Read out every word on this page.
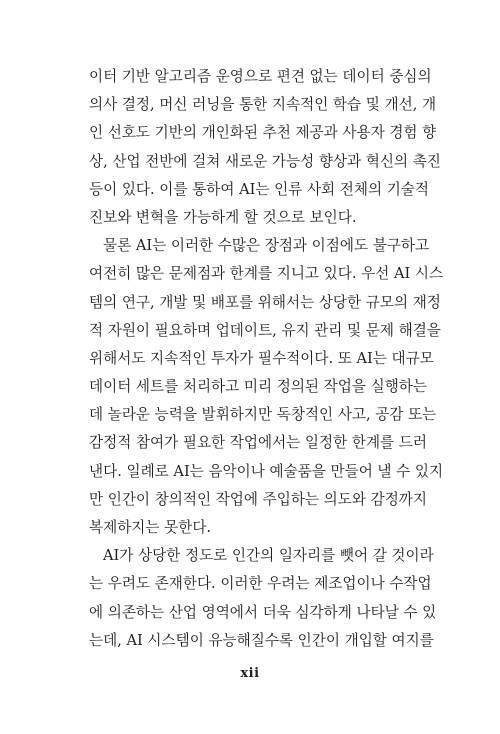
이터 기반 알고리즘 운영으로 편견 없는 데이터 중심의
의사 결정, 머신 러닝을 통한 지속적인 학습 및 개선, 개
인 선호도 기반의 개인화된 추천 제공과 사용자 경험 향
상, 산업 전반에 걸쳐 새로운 가능성 향상과 혁신의 촉진
등이 있다. 이를 통하여 AI는 인류 사회 전체의 기술적
진보와 변혁을 가능하게 할 것으로 보인다.
물론 AI는 이러한 수많은 장점과 이점에도 불구하고
여전히 많은 문제점과 한계를 지니고 있다. 우선 AI 시스
템의 연구, 개발 및 배포를 위해서는 상당한 규모의 재정
적 자원이 필요하며 업데이트, 유지 관리 및 문제 해결을
위해서도 지속적인 투자가 필수적이다. 또 AI는 대규모
데이터 세트를 처리하고 미리 정의된 작업을 실행하는
데 놀라운 능력을 발휘하지만 독창적인 사고, 공감 또는
감정적 참여가 필요한 작업에서는 일정한 한계를 드러
낸다. 일례로 AI는 음악이나 예술품을 만들어 낼 수 있지
만 인간이 창의적인 작업에 주입하는 의도와 감정까지
복제하지는 못한다.
AI가 상당한 정도로 인간의 일자리를 뺏어 갈 것이라
는 우려도 존재한다. 이러한 우려는 제조업이나 수작업
에 의존하는 산업 영역에서 더욱 심각하게 나타날 수 있
는데, AI 시스템이 유능해질수록 인간이 개입할 여지를
xii
